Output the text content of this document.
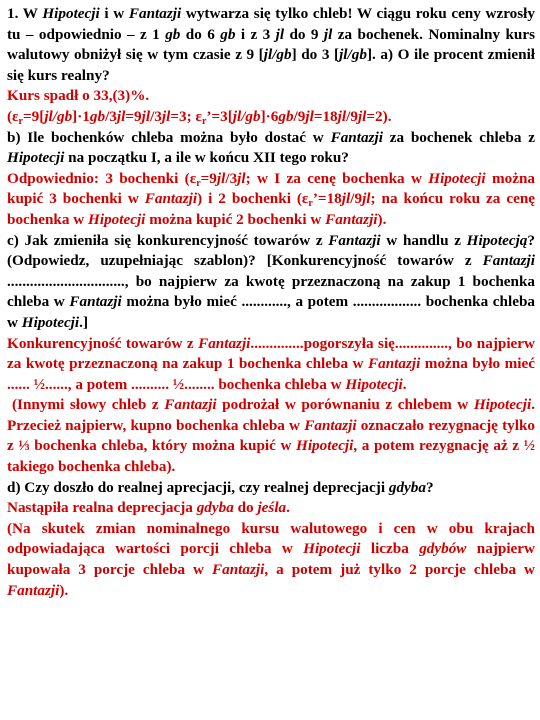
1. W Hipotecji i w Fantazji wytwarza się tylko chleb! W ciągu roku ceny wzrosły tu – odpowiednio – z 1 gb do 6 gb i z 3 jl do 9 jl za bochenek. Nominalny kurs walutowy obniżył się w tym czasie z 9 [jl/gb] do 3 [jl/gb]. a) O ile procent zmienił się kurs realny?
Kurs spadł o 33,(3)%.
($\varepsilon_r=9[jl/gb]\cdot 1gb/3jl=9jl/3jl=3$; $\varepsilon_r’=3[jl/gb]\cdot 6gb/9jl=18jl/9jl=2$).
b) Ile bochenków chleba można było dostać w Fantazji za bochenek chleba z Hipotecji na początku I, a ile w końcu XII tego roku?
Odpowiednio: 3 bochenki ($\varepsilon_r=9jl/3jl$; w I za cenę bochenka w Hipotecji można kupić 3 bochenki w Fantazji) i 2 bochenki ($\varepsilon_r’=18jl/9jl$; na końcu roku za cenę bochenka w Hipotecji można kupić 2 bochenki w Fantazji).
c) Jak zmieniła się konkurencyjność towarów z Fantazji w handlu z Hipotecją? (Odpowiedz, uzupełniając szablon)? [Konkurencyjność towarów z Fantazji ..............................., bo najpierw za kwotę przeznaczoną na zakup 1 bochenka chleba w Fantazji można było mieć ............, a potem .................. bochenka chleba w Hipotecji.]
Konkurencyjność towarów z Fantazji..............pogorszyła się.............., bo najpierw za kwotę przeznaczoną na zakup 1 bochenka chleba w Fantazji można było mieć ...... ½......, a potem .......... ½........ bochenka chleba w Hipotecji.
(Innymi słowy chleb z Fantazji podrożał w porównaniu z chlebem w Hipotecji. Przecież najpierw, kupno bochenka chleba w Fantazji oznaczało rezygnację tylko z ⅓ bochenka chleba, który można kupić w Hipotecji, a potem rezygnację aż z ½ takiego bochenka chleba).
d) Czy doszło do realnej aprecjacji, czy realnej deprecjacji gdyba?
Nastąpiła realna deprecjacja gdyba do jeśla.
(Na skutek zmian nominalnego kursu walutowego i cen w obu krajach odpowiadająca wartości porcji chleba w Hipotecji liczba gdybów najpierw kupowała 3 porcje chleba w Fantazji, a potem już tylko 2 porcje chleba w Fantazji).
